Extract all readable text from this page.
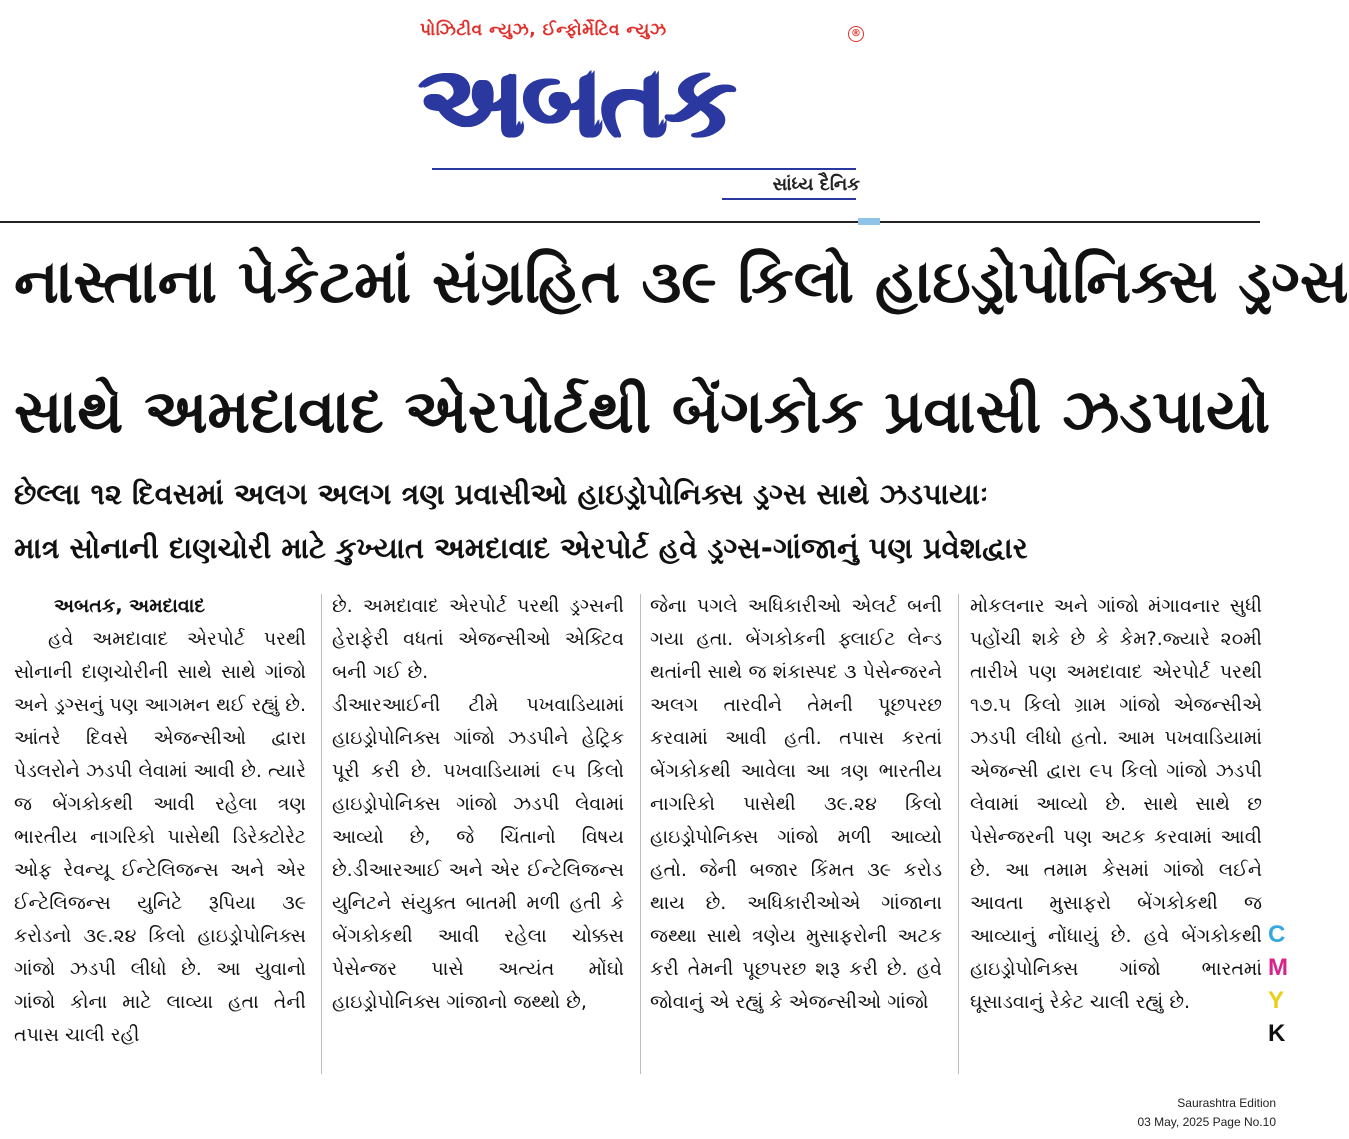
પોઝિટીવ ન્યુઝ, ઈન્ફોર્મેટિવ ન્યુઝ
અબતક
®
સાંધ્ય દૈનિક
નાસ્તાના પેકેટમાં સંગ્રહિત ૩૯ કિલો હાઇડ્રોપોનિક્સ ડ્રગ્સ
સાથે અમદાવાદ એરપોર્ટથી બેંગકોક પ્રવાસી ઝડપાયો
છેલ્લા ૧૨ દિવસમાં અલગ અલગ ત્રણ પ્રવાસીઓ હાઇડ્રોપોનિક્સ ડ્રગ્સ સાથે ઝડપાયાઃ
માત્ર સોનાની દાણચોરી માટે કુખ્યાત અમદાવાદ એરપોર્ટ હવે ડ્રગ્સ-ગાંજાનું પણ પ્રવેશદ્વાર
અબતક, અમદાવાદ

હવે અમદાવાદ એરપોર્ટ પરથી સોનાની દાણચોરીની સાથે સાથે ગાંજો અને ડ્રગ્સનું પણ આગમન થઈ રહ્યું છે. આંતરે દિવસે એજન્સીઓ દ્વારા પેડલરોને ઝડપી લેવામાં આવી છે. ત્યારે જ બેંગકોકથી આવી રહેલા ત્રણ ભારતીય નાગરિકો પાસેથી ડિરેક્ટોરેટ ઓફ રેવન્યૂ ઈન્ટેલિજન્સ અને એર ઈન્ટેલિજન્સ યુનિટે રૂપિયા ૩૯ કરોડનો ૩૯.૨૪ કિલો હાઇડ્રોપોનિક્સ ગાંજો ઝડપી લીધો છે. આ યુવાનો ગાંજો કોના માટે લાવ્યા હતા તેની તપાસ ચાલી રહી

છે. અમદાવાદ એરપોર્ટ પરથી ડ્રગ્સની હેરાફેરી વધતાં એજન્સીઓ એક્ટિવ બની ગઈ છે.
ડીઆરઆઈની ટીમે પખવાડિયામાં હાઇડ્રોપોનિક્સ ગાંજો ઝડપીને હેટ્રિક પૂરી કરી છે. પખવાડિયામાં ૯૫ કિલો હાઇડ્રોપોનિક્સ ગાંજો ઝડપી લેવામાં આવ્યો છે, જે ચિંતાનો વિષય છે.ડીઆરઆઈ અને એર ઈન્ટેલિજન્સ યુનિટને સંયુક્ત બાતમી મળી હતી કે બેંગકોકથી આવી રહેલા ચોક્કસ પેસેન્જર પાસે અત્યંત મોંઘો હાઇડ્રોપોનિક્સ ગાંજાનો જથ્થો છે,

જેના પગલે અધિકારીઓ એલર્ટ બની ગયા હતા. બેંગકોકની ફ્લાઈટ લેન્ડ થતાંની સાથે જ શંકાસ્પદ ૩ પેસેન્જરને અલગ તારવીને તેમની પૂછપરછ કરવામાં આવી હતી. તપાસ કરતાં બેંગકોકથી આવેલા આ ત્રણ ભારતીય નાગરિકો પાસેથી ૩૯.૨૪ કિલો હાઇડ્રોપોનિક્સ ગાંજો મળી આવ્યો હતો. જેની બજાર કિંમત ૩૯ કરોડ થાય છે. અધિકારીઓએ ગાંજાના જથ્થા સાથે ત્રણેય મુસાફરોની અટક કરી તેમની પૂછપરછ શરૂ કરી છે. હવે જોવાનું એ રહ્યું કે એજન્સીઓ ગાંજો

મોકલનાર અને ગાંજો મંગાવનાર સુધી પહોંચી શકે છે કે કેમ?.જ્યારે ૨૦મી તારીખે પણ અમદાવાદ એરપોર્ટ પરથી ૧૭.૫ કિલો ગ્રામ ગાંજો એજન્સીએ ઝડપી લીધો હતો. આમ પખવાડિયામાં એજન્સી દ્વારા ૯૫ કિલો ગાંજો ઝડપી લેવામાં આવ્યો છે. સાથે સાથે છ પેસેન્જરની પણ અટક કરવામાં આવી છે. આ તમામ કેસમાં ગાંજો લઈને આવતા મુસાફરો બેંગકોકથી જ આવ્યાનું નોંધાયું છે. હવે બેંગકોકથી હાઇડ્રોપોનિક્સ ગાંજો ભારતમાં ઘૂસાડવાનું રેકેટ ચાલી રહ્યું છે.

C
M
Y
K
Saurashtra Edition
03 May, 2025 Page No.10
